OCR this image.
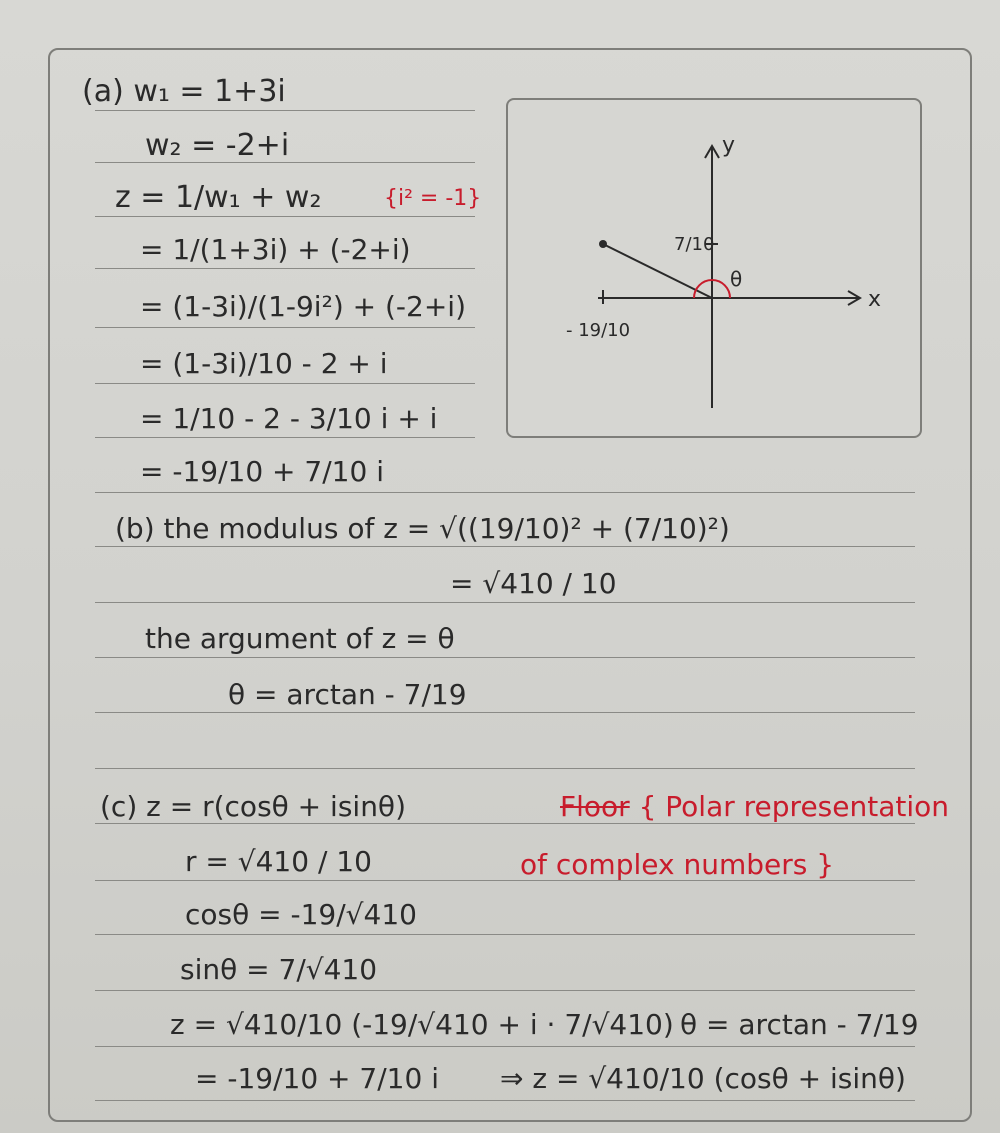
(a) w₁ = 1+3i
w₂ = -2+i
z = 1/w₁ + w₂	{i² = -1}
= 1/(1+3i) + (-2+i)
= (1-3i)/(1-9i²) + (-2+i)
= (1-3i)/10 - 2 + i
= 1/10 - 2 - 3/10 i + i
= -19/10 + 7/10 i
y
x
7/10
- 19/10
θ
(b) the modulus of z = √((19/10)² + (7/10)²)
= √410 / 10
the argument of z = θ
θ = arctan - 7/19
(c) z = r(cosθ + isinθ)	Floor { Polar representation
r = √410 / 10	of complex numbers }
cosθ = -19/√410
sinθ = 7/√410
z = √410/10 (-19/√410 + i · 7/√410) θ = arctan - 7/19
= -19/10 + 7/10 i ⇒ z = √410/10 (cosθ + isinθ)
